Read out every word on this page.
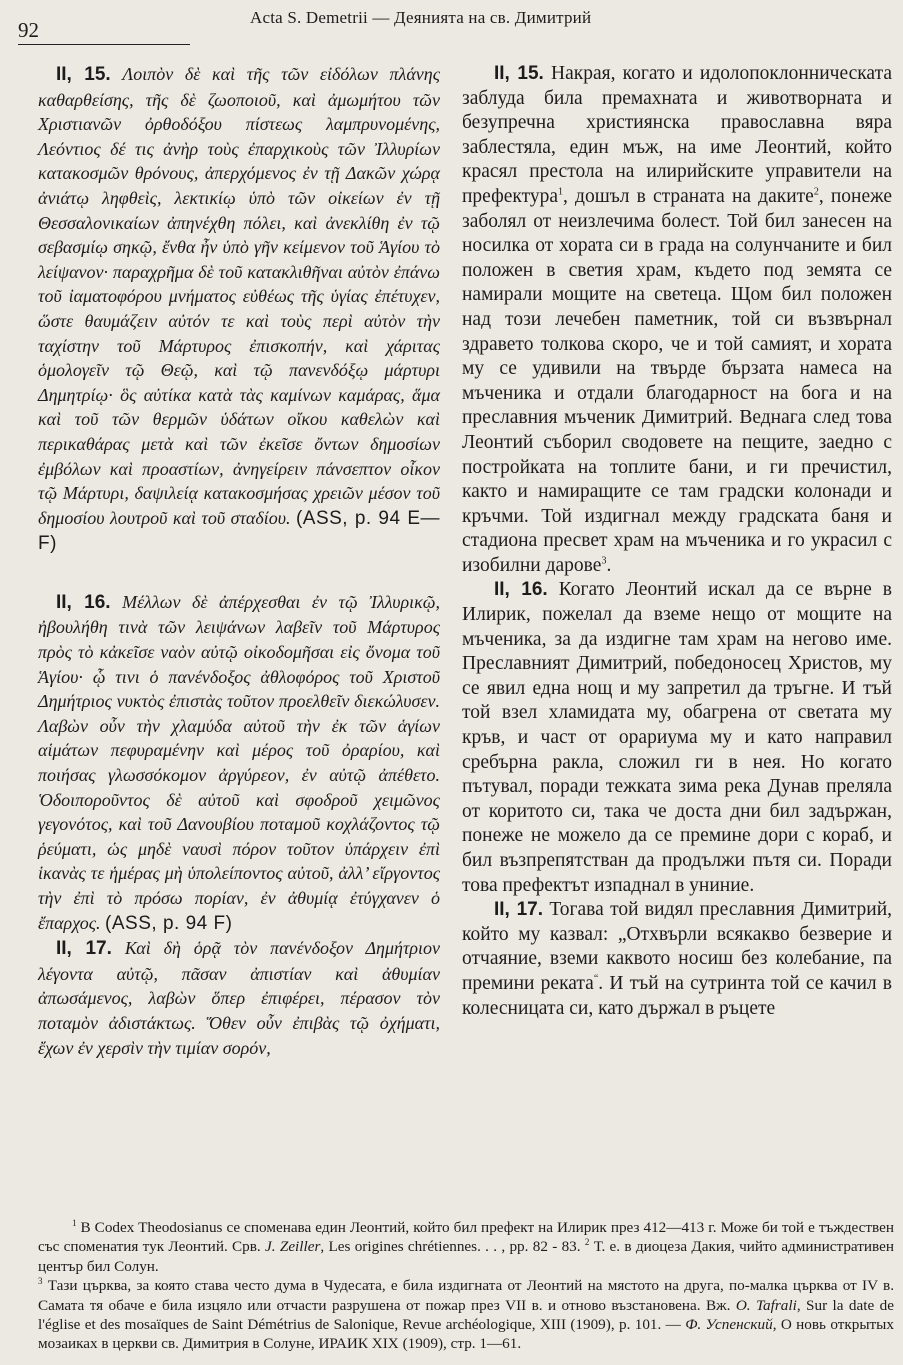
92
Acta S. Demetrii — Деянията на св. Димитрий

II, 15. Λοιπὸν δὲ καὶ τῆς τῶν εἰδόλων πλάνης καθαρθείσης, τῆς δὲ ζωοποιοῦ, καὶ ἀμωμήτου τῶν Χριστιανῶν ὀρθοδόξου πίστεως λαμπρυνομένης, Λεόντιος δέ τις ἀνὴρ τοὺς ἐπαρχικοὺς τῶν Ἰλλυρίων κατακοσμῶν θρόνους, ἀπερχόμενος ἐν τῇ Δακῶν χώρᾳ ἀνιάτῳ ληφθεὶς, λεκτικίῳ ὑπὸ τῶν οἰκείων ἐν τῇ Θεσσαλονικαίων ἀπηνέχθη πόλει, καὶ ἀνεκλίθη ἐν τῷ σεβασμίῳ σηκῷ, ἔνθα ἦν ὑπὸ γῆν κείμενον τοῦ Ἁγίου τὸ λείψανον· παραχρῆμα δὲ τοῦ κατακλιθῆναι αὐτὸν ἐπάνω τοῦ ἰαματοφόρου μνήματος εὐθέως τῆς ὑγίας ἐπέτυχεν, ὥστε θαυμάζειν αὐτόν τε καὶ τοὺς περὶ αὐτὸν τὴν ταχίστην τοῦ Μάρτυρος ἐπισκοπήν, καὶ χάριτας ὁμολογεῖν τῷ Θεῷ, καὶ τῷ πανενδόξῳ μάρτυρι Δημητρίῳ· ὃς αὐτίκα κατὰ τὰς καμίνων καμάρας, ἅμα καὶ τοῦ τῶν θερμῶν ὑδάτων οἴκου καθελὼν καὶ περικαθάρας μετὰ καὶ τῶν ἐκεῖσε ὄντων δημοσίων ἐμβόλων καὶ προαστίων, ἀνηγείρειν πάνσεπτον οἶκον τῷ Μάρτυρι, δαψιλείᾳ κατακοσμήσας χρειῶν μέσον τοῦ δημοσίου λουτροῦ καὶ τοῦ σταδίου. (ASS, p. 94 E—F)

II, 16. Μέλλων δὲ ἀπέρχεσθαι ἐν τῷ Ἰλλυρικῷ, ἠβουλήθη τινὰ τῶν λειψάνων λαβεῖν τοῦ Μάρτυρος πρὸς τὸ κἀκεῖσε ναὸν αὐτῷ οἰκοδομῆσαι εἰς ὄνομα τοῦ Ἁγίου· ᾧ τινι ὁ πανένδοξος ἀθλοφόρος τοῦ Χριστοῦ Δημήτριος νυκτὸς ἐπιστὰς τοῦτον προελθεῖν διεκώλυσεν. Λαβὼν οὖν τὴν χλαμύδα αὐτοῦ τὴν ἐκ τῶν ἁγίων αἱμάτων πεφυραμένην καὶ μέρος τοῦ ὀραρίου, καὶ ποιήσας γλωσσόκομον ἀργύρεον, ἐν αὐτῷ ἀπέθετο. Ὁδοιποροῦντος δὲ αὐτοῦ καὶ σφοδροῦ χειμῶνος γεγονότος, καὶ τοῦ Δανουβίου ποταμοῦ κοχλάζοντος τῷ ῥεύματι, ὡς μηδὲ ναυσὶ πόρον τοῦτον ὑπάρχειν ἐπὶ ἱκανὰς τε ἡμέρας μὴ ὑπολείποντος αὐτοῦ, ἀλλ’ εἴργοντος τὴν ἐπὶ τὸ πρόσω πορίαν, ἐν ἀθυμίᾳ ἐτύγχανεν ὁ ἔπαρχος. (ASS, p. 94 F)

II, 17. Καὶ δὴ ὁρᾷ τὸν πανένδοξον Δημήτριον λέγοντα αὐτῷ, πᾶσαν ἀπιστίαν καὶ ἀθυμίαν ἀπωσάμενος, λαβὼν ὅπερ ἐπιφέρει, πέρασον τὸν ποταμὸν ἀδιστάκτως. Ὅθεν οὖν ἐπιβὰς τῷ ὀχήματι, ἔχων ἐν χερσὶν τὴν τιμίαν σορόν,

II, 15. Накрая, когато и идолопоклонническата заблуда била премахната и животворната и безупречна християнска православна вяра заблестяла, един мъж, на име Леонтий, който красял престола на илирийските управители на префектура$^1$, дошъл в страната на даките$^2$, понеже заболял от неизлечима болест. Той бил занесен на носилка от хората си в града на солунчаните и бил положен в светия храм, където под земята се намирали мощите на светеца. Щом бил положен над този лечебен паметник, той си възвърнал здравето толкова скоро, че и той самият, и хората му се удивили на твърде бързата намеса на мъченика и отдали благодарност на бога и на преславния мъченик Димитрий. Веднага след това Леонтий съборил сводовете на пещите, заедно с постройката на топлите бани, и ги пречистил, както и намиращите се там градски колонади и кръчми. Той издигнал между градската баня и стадиона пресвет храм на мъченика и го украсил с изобилни дарове$^3$.

II, 16. Когато Леонтий искал да се върне в Илирик, пожелал да вземе нещо от мощите на мъченика, за да издигне там храм на негово име. Преславният Димитрий, победоносец Христов, му се явил една нощ и му запретил да тръгне. И тъй той взел хламидата му, обагрена от светата му кръв, и част от орариума му и като направил сребърна ракла, сложил ги в нея. Но когато пътувал, поради тежката зима река Дунав преляла от коритото си, така че доста дни бил задържан, понеже не можело да се премине дори с кораб, и бил възпрепятстван да продължи пътя си. Поради това префектът изпаднал в униние.

II, 17. Тогава той видял преславния Димитрий, който му казвал: „Отхвърли всякакво безверие и отчаяние, вземи каквото носиш без колебание, па премини реката“. И тъй на сутринта той се качил в колесницата си, като държал в ръцете

$^1$ В Codex Theodosianus се споменава един Леонтий, който бил префект на Илирик през 412—413 г. Може би той е тъждествен със споменатия тук Леонтий. Срв. J. Zeiller, Les origines chrétiennes. . . , pp. 82 - 83. $^2$ Т. е. в диоцеза Дакия, чийто административен център бил Солун.

$^3$ Тази църква, за която става често дума в Чудесата, е била издигната от Леонтий на мястото на друга, по-малка църква от IV в. Самата тя обаче е била изцяло или отчасти разрушена от пожар през VII в. и отново възстановена. Вж. O. Tafrali, Sur la date de l'église et des mosaïques de Saint Démétrius de Salonique, Revue archéologique, XIII (1909), p. 101. — Ф. Успенский, О новь открытых мозаиках в церкви св. Димитрия в Солуне, ИРАИК XIX (1909), стр. 1—61.
